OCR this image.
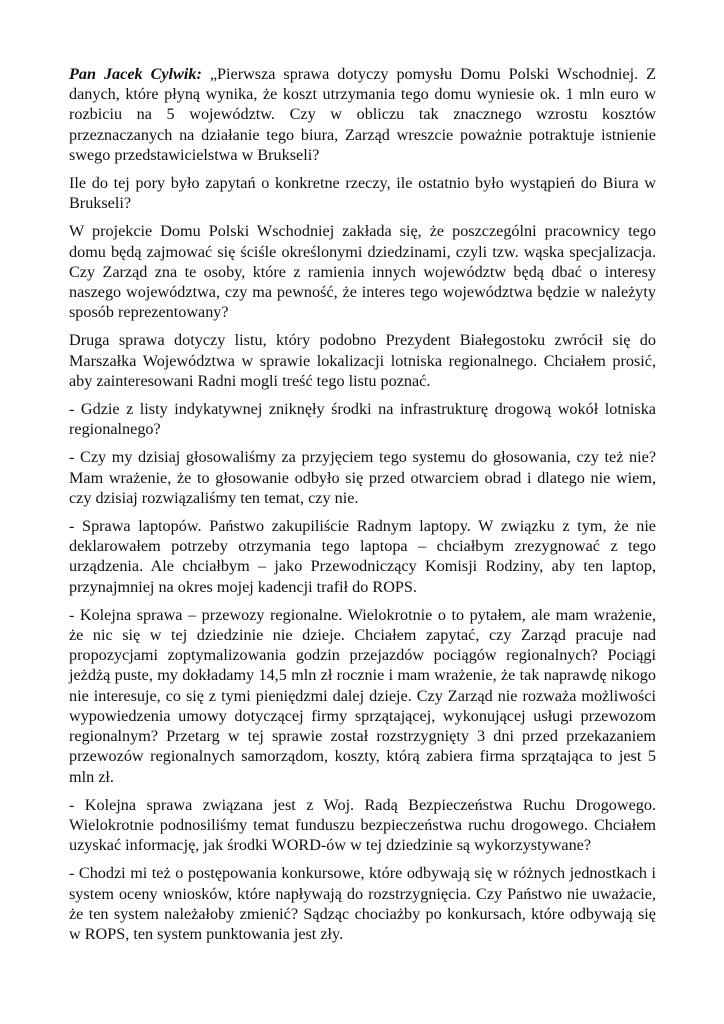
Pan Jacek Cylwik: „Pierwsza sprawa dotyczy pomysłu Domu Polski Wschodniej. Z danych, które płyną wynika, że koszt utrzymania tego domu wyniesie ok. 1 mln euro w rozbiciu na 5 województw. Czy w obliczu tak znacznego wzrostu kosztów przeznaczanych na działanie tego biura, Zarząd wreszcie poważnie potraktuje istnienie swego przedstawicielstwa w Brukseli?

Ile do tej pory było zapytań o konkretne rzeczy, ile ostatnio było wystąpień do Biura w Brukseli?

W projekcie Domu Polski Wschodniej zakłada się, że poszczególni pracownicy tego domu będą zajmować się ściśle określonymi dziedzinami, czyli tzw. wąska specjalizacja. Czy Zarząd zna te osoby, które z ramienia innych województw będą dbać o interesy naszego województwa, czy ma pewność, że interes tego województwa będzie w należyty sposób reprezentowany?

Druga sprawa dotyczy listu, który podobno Prezydent Białegostoku zwrócił się do Marszałka Województwa w sprawie lokalizacji lotniska regionalnego. Chciałem prosić, aby zainteresowani Radni mogli treść tego listu poznać.

- Gdzie z listy indykatywnej zniknęły środki na infrastrukturę drogową wokół lotniska regionalnego?

- Czy my dzisiaj głosowaliśmy za przyjęciem tego systemu do głosowania, czy też nie? Mam wrażenie, że to głosowanie odbyło się przed otwarciem obrad i dlatego nie wiem, czy dzisiaj rozwiązaliśmy ten temat, czy nie.

- Sprawa laptopów. Państwo zakupiliście Radnym laptopy. W związku z tym, że nie deklarowałem potrzeby otrzymania tego laptopa – chciałbym zrezygnować z tego urządzenia. Ale chciałbym – jako Przewodniczący Komisji Rodziny, aby ten laptop, przynajmniej na okres mojej kadencji trafił do ROPS.

- Kolejna sprawa – przewozy regionalne. Wielokrotnie o to pytałem, ale mam wrażenie, że nic się w tej dziedzinie nie dzieje. Chciałem zapytać, czy Zarząd pracuje nad propozycjami zoptymalizowania godzin przejazdów pociągów regionalnych? Pociągi jeżdżą puste, my dokładamy 14,5 mln zł rocznie i mam wrażenie, że tak naprawdę nikogo nie interesuje, co się z tymi pieniędzmi dalej dzieje. Czy Zarząd nie rozważa możliwości wypowiedzenia umowy dotyczącej firmy sprzątającej, wykonującej usługi przewozom regionalnym? Przetarg w tej sprawie został rozstrzygnięty 3 dni przed przekazaniem przewozów regionalnych samorządom, koszty, którą zabiera firma sprzątająca to jest 5 mln zł.

- Kolejna sprawa związana jest z Woj. Radą Bezpieczeństwa Ruchu Drogowego. Wielokrotnie podnosiliśmy temat funduszu bezpieczeństwa ruchu drogowego. Chciałem uzyskać informację, jak środki WORD-ów w tej dziedzinie są wykorzystywane?

- Chodzi mi też o postępowania konkursowe, które odbywają się w różnych jednostkach i system oceny wniosków, które napływają do rozstrzygnięcia. Czy Państwo nie uważacie, że ten system należałoby zmienić? Sądząc chociażby po konkursach, które odbywają się w ROPS, ten system punktowania jest zły.
